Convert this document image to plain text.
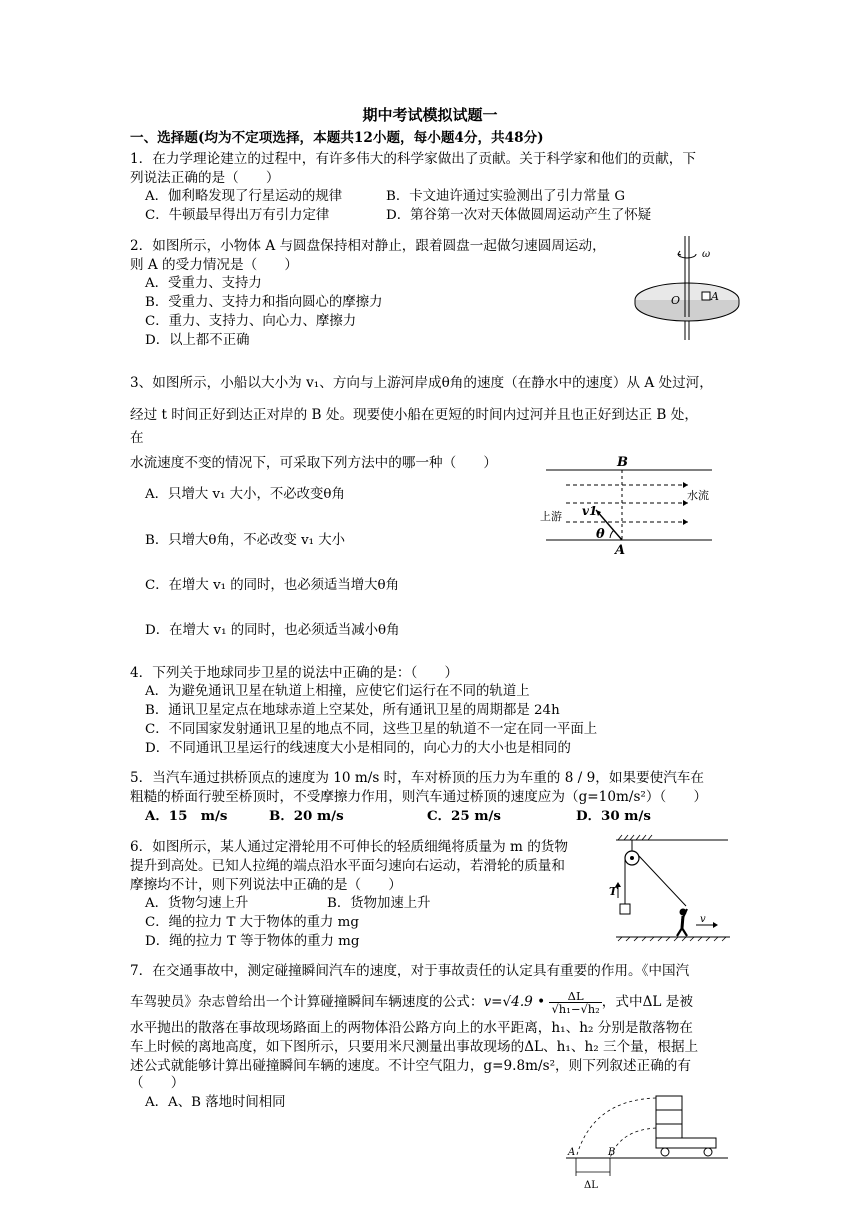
期中考试模拟试题一
一、选择题(均为不定项选择，本题共12小题，每小题4分，共48分)
1．在力学理论建立的过程中，有许多伟大的科学家做出了贡献。关于科学家和他们的贡献，下
列说法正确的是（　　）
A．伽利略发现了行星运动的规律	B．卡文迪许通过实验测出了引力常量 G
C．牛顿最早得出万有引力定律	D．第谷第一次对天体做圆周运动产生了怀疑
2．如图所示，小物体 A 与圆盘保持相对静止，跟着圆盘一起做匀速圆周运动，
则 A 的受力情况是（　　）
A．受重力、支持力
B．受重力、支持力和指向圆心的摩擦力
C．重力、支持力、向心力、摩擦力
D．以上都不正确
ω
O	A
3、如图所示，小船以大小为 v₁、方向与上游河岸成θ角的速度（在静水中的速度）从 A 处过河，
经过 t 时间正好到达正对岸的 B 处。现要使小船在更短的时间内过河并且也正好到达正 B 处，
在
水流速度不变的情况下，可采取下列方法中的哪一种（　　）
A．只增大 v₁ 大小，不必改变θ角
B．只增大θ角，不必改变 v₁ 大小
C．在增大 v₁ 的同时，也必须适当增大θ角
D．在增大 v₁ 的同时，也必须适当减小θ角
B
水流
上游 v1
θ
A
4．下列关于地球同步卫星的说法中正确的是：（　　）
A．为避免通讯卫星在轨道上相撞，应使它们运行在不同的轨道上
B．通讯卫星定点在地球赤道上空某处，所有通讯卫星的周期都是 24h
C．不同国家发射通讯卫星的地点不同，这些卫星的轨道不一定在同一平面上
D．不同通讯卫星运行的线速度大小是相同的，向心力的大小也是相同的
5．当汽车通过拱桥顶点的速度为 10 m/s 时，车对桥顶的压力为车重的 8 / 9，如果要使汽车在
粗糙的桥面行驶至桥顶时，不受摩擦力作用，则汽车通过桥顶的速度应为（g=10m/s²）（　　）
A．15　m/s	B．20 m/s	C．25 m/s	D．30 m/s
6．如图所示，某人通过定滑轮用不可伸长的轻质细绳将质量为 m 的货物
提升到高处。已知人拉绳的端点沿水平面匀速向右运动，若滑轮的质量和
摩擦均不计，则下列说法中正确的是（　　）
A．货物匀速上升	B．货物加速上升
C．绳的拉力 T 大于物体的重力 mg
D．绳的拉力 T 等于物体的重力 mg
T
v
7．在交通事故中，测定碰撞瞬间汽车的速度，对于事故责任的认定具有重要的作用。《中国汽
车驾驶员》杂志曾给出一个计算碰撞瞬间车辆速度的公式：v=√4.9 • $\frac{\Delta L}{\text{√h₁−√h₂}}$ ，式中ΔL 是被
水平抛出的散落在事故现场路面上的两物体沿公路方向上的水平距离，h₁、h₂ 分别是散落物在
车上时候的离地高度，如下图所示，只要用米尺测量出事故现场的ΔL、h₁、h₂ 三个量，根据上
述公式就能够计算出碰撞瞬间车辆的速度。不计空气阻力，g=9.8m/s²，则下列叙述正确的有
（　　）
A．A、B 落地时间相同
A	B
ΔL
